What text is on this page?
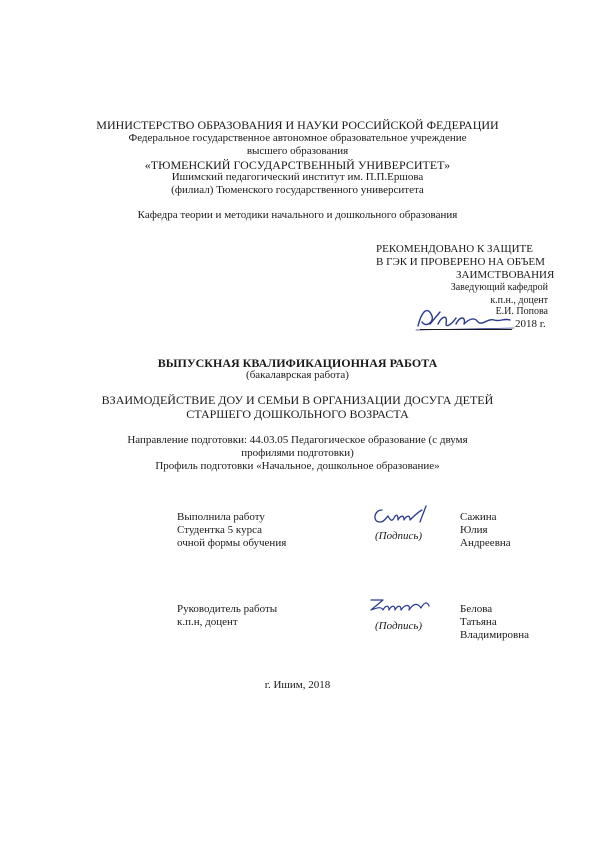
МИНИСТЕРСТВО ОБРАЗОВАНИЯ И НАУКИ РОССИЙСКОЙ ФЕДЕРАЦИИ
Федеральное государственное автономное образовательное учреждение
высшего образования
«ТЮМЕНСКИЙ ГОСУДАРСТВЕННЫЙ УНИВЕРСИТЕТ»
Ишимский педагогический институт им. П.П.Ершова
(филиал) Тюменского государственного университета
Кафедра теории и методики начального и дошкольного образования
РЕКОМЕНДОВАНО К ЗАЩИТЕ
В ГЭК И ПРОВЕРЕНО НА ОБЪЕМ
ЗАИМСТВОВАНИЯ
Заведующий кафедрой
к.п.н., доцент
Е.И. Попова
2018 г.
ВЫПУСКНАЯ КВАЛИФИКАЦИОННАЯ РАБОТА
(бакалаврская работа)
ВЗАИМОДЕЙСТВИЕ ДОУ И СЕМЬИ В ОРГАНИЗАЦИИ ДОСУГА ДЕТЕЙ
СТАРШЕГО ДОШКОЛЬНОГО ВОЗРАСТА
Направление подготовки: 44.03.05 Педагогическое образование (с двумя
профилями подготовки)
Профиль подготовки «Начальное, дошкольное образование»
Выполнила работу
Студентка 5 курса
очной формы обучения
(Подпись)
Сажина
Юлия
Андреевна
Руководитель работы
к.п.н, доцент	(Подпись)
Белова
Татьяна
Владимировна
г. Ишим, 2018
